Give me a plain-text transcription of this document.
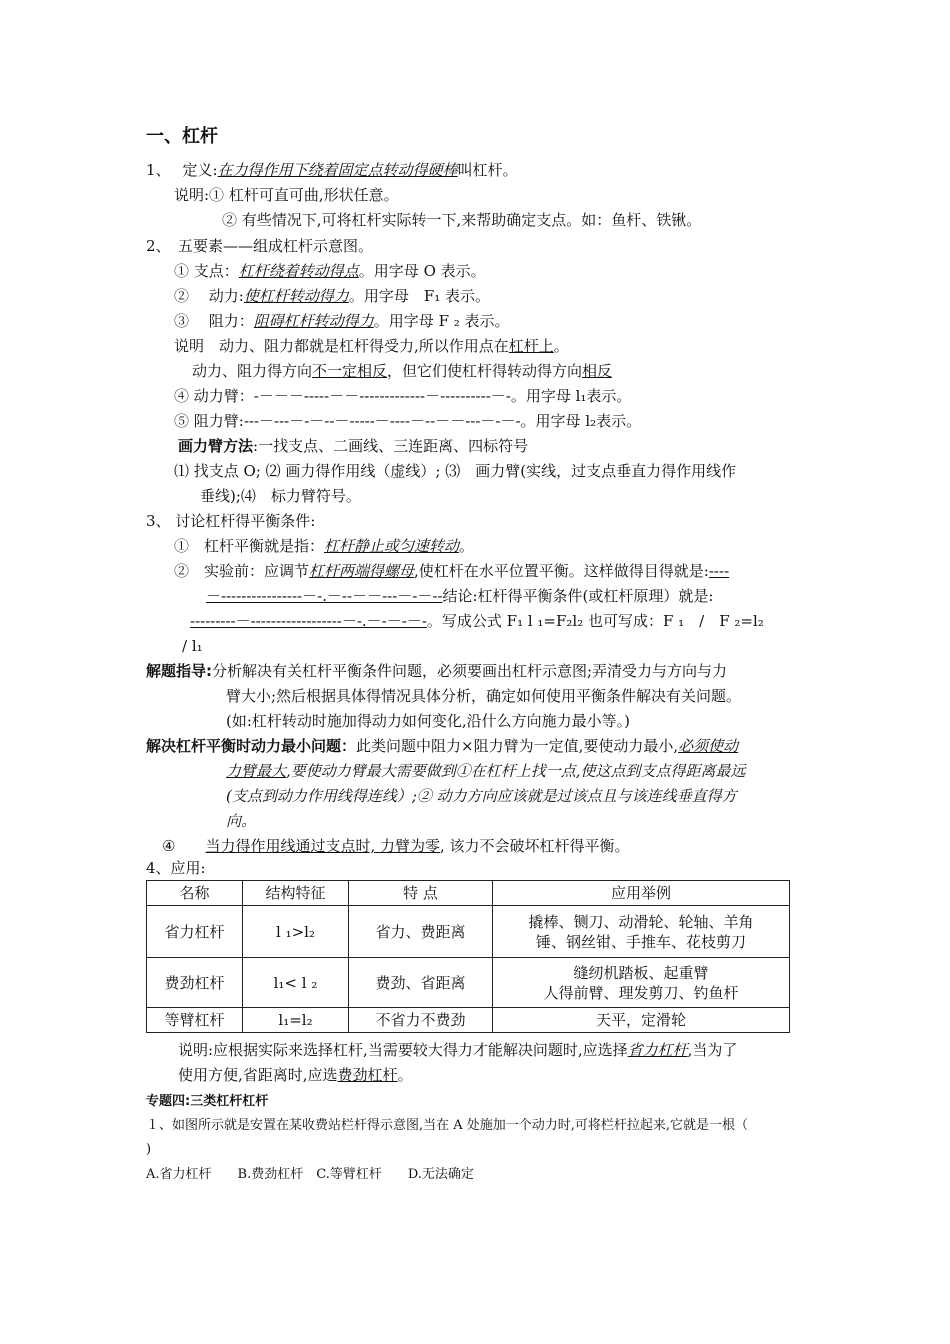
一、杠杆
1、 定义:在力得作用下绕着固定点转动得硬棒叫杠杆。
说明:① 杠杆可直可曲,形状任意。
② 有些情况下,可将杠杆实际转一下,来帮助确定支点。如：鱼杆、铁锹。
2、　五要素——组成杠杆示意图。
① 支点：杠杆绕着转动得点。用字母 O 表示。
②　 动力:使杠杆转动得力。用字母　F₁ 表示。
③　 阻力：阻碍杠杆转动得力。用字母 F ₂ 表示。
说明　动力、阻力都就是杠杆得受力,所以作用点在杠杆上。
动力、阻力得方向不一定相反，但它们使杠杆得转动得方向相反
④ 动力臂：-－－－-----－－-------------－----------－-。用字母 l₁表示。
⑤ 阻力臂:---－---－-－--－-----－----－--－－---－-－-。用字母 l₂表示。
画力臂方法:一找支点、二画线、三连距离、四标符号
⑴ 找支点 O; ⑵ 画力得作用线（虚线）; ⑶　画力臂(实线，过支点垂直力得作用线作
垂线);⑷　标力臂符号。
3、 讨论杠杆得平衡条件:
①　杠杆平衡就是指：杠杆静止或匀速转动。
②　实验前：应调节杠杆两端得螺母,使杠杆在水平位置平衡。这样做得目得就是:----
－----------------－-.－--－－---－-－--结论:杠杆得平衡条件(或杠杆原理）就是:
---------－------------------－-.－-－-－-。写成公式 F₁ l ₁=F₂l₂ 也可写成：F ₁　/　F ₂=l₂
/ l₁
解题指导:分析解决有关杠杆平衡条件问题，必须要画出杠杆示意图;弄清受力与方向与力
臂大小;然后根据具体得情况具体分析，确定如何使用平衡条件解决有关问题。
(如:杠杆转动时施加得动力如何变化,沿什么方向施力最小等。)
解决杠杆平衡时动力最小问题：此类问题中阻力×阻力臂为一定值,要使动力最小,必须使动
力臂最大,要使动力臂最大需要做到①在杠杆上找一点,使这点到支点得距离最远
(支点到动力作用线得连线）;② 动力方向应该就是过该点且与该连线垂直得方
向。
④ 当力得作用线通过支点时, 力臂为零, 该力不会破坏杠杆得平衡。
4、应用:
名称	结构特征	特 点	应用举例
省力杠杆	l ₁>l₂	省力、费距离	撬棒、铡刀、动滑轮、轮轴、羊角
锤、钢丝钳、手推车、花枝剪刀

费劲杠杆	l₁< l ₂	费劲、省距离	缝纫机踏板、起重臂
人得前臂、理发剪刀、钓鱼杆

等臂杠杆	l₁=l₂	不省力不费劲	天平，定滑轮
说明:应根据实际来选择杠杆,当需要较大得力才能解决问题时,应选择省力杠杆,当为了
使用方便,省距离时,应选费劲杠杆。
专题四:三类杠杆杠杆
１、如图所示就是安置在某收费站栏杆得示意图,当在 A 处施加一个动力时,可将栏杆拉起来,它就是一根（
)
A.省力杠杆　　B.费劲杠杆　C.等臂杠杆　　D.无法确定
